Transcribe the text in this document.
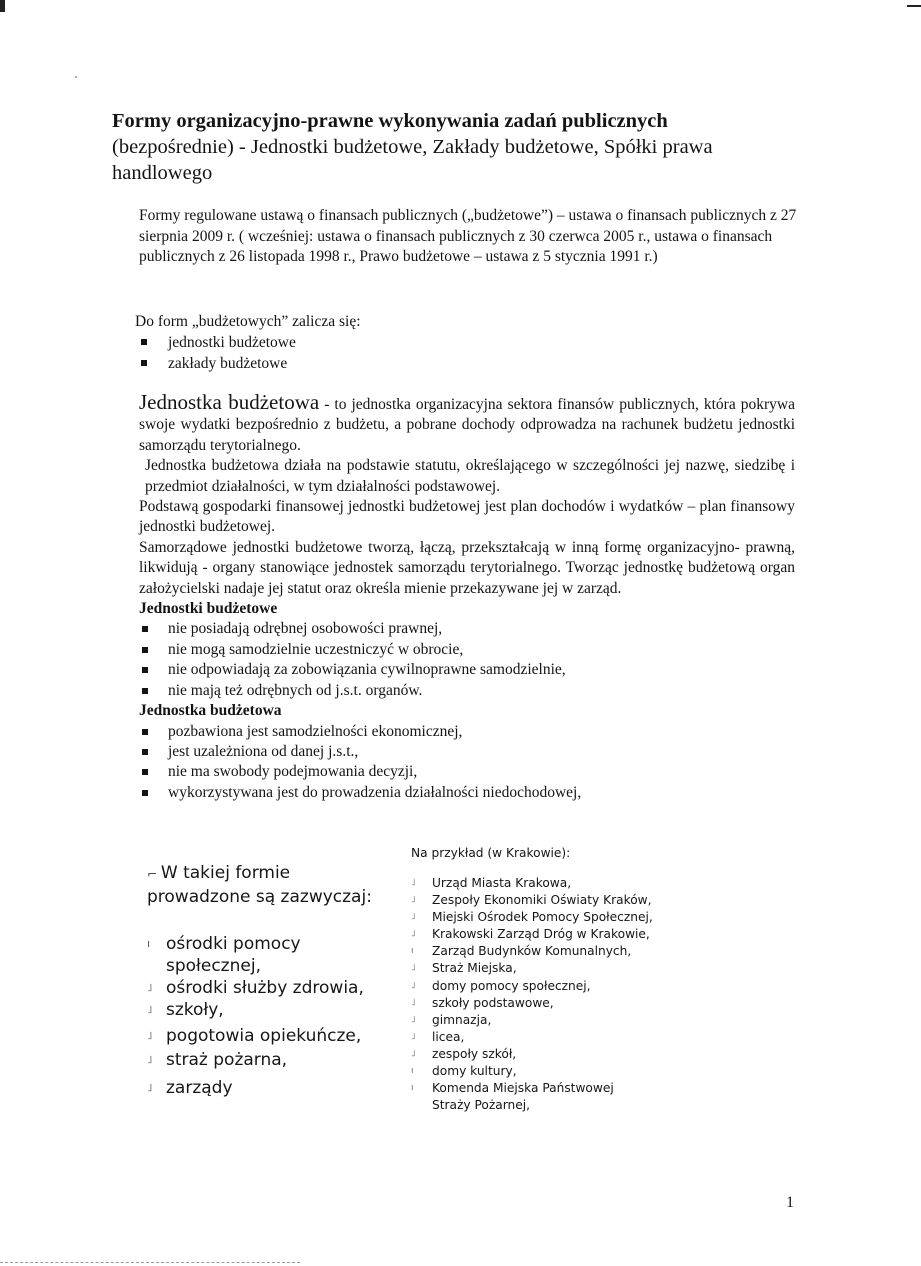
Formy organizacyjno-prawne wykonywania zadań publicznych
(bezpośrednie) - Jednostki budżetowe, Zakłady budżetowe, Spółki prawa handlowego
Formy regulowane ustawą o finansach publicznych („budżetowe”) – ustawa o finansach publicznych z 27 sierpnia 2009 r. ( wcześniej: ustawa o finansach publicznych z 30 czerwca 2005 r., ustawa o finansach publicznych z 26 listopada 1998 r., Prawo budżetowe – ustawa z 5 stycznia 1991 r.)
Do form „budżetowych” zalicza się:
jednostki budżetowe
zakłady budżetowe

Jednostka budżetowa - to jednostka organizacyjna sektora finansów publicznych, która pokrywa swoje wydatki bezpośrednio z budżetu, a pobrane dochody odprowadza na rachunek budżetu jednostki samorządu terytorialnego.

Jednostka budżetowa działa na podstawie statutu, określającego w szczególności jej nazwę, siedzibę i przedmiot działalności, w tym działalności podstawowej.

Podstawą gospodarki finansowej jednostki budżetowej jest plan dochodów i wydatków – plan finansowy jednostki budżetowej.

Samorządowe jednostki budżetowe tworzą, łączą, przekształcają w inną formę organizacyjno- prawną, likwidują - organy stanowiące jednostek samorządu terytorialnego. Tworząc jednostkę budżetową organ założycielski nadaje jej statut oraz określa mienie przekazywane jej w zarząd.

Jednostki budżetowe
nie posiadają odrębnej osobowości prawnej,
nie mogą samodzielnie uczestniczyć w obrocie,
nie odpowiadają za zobowiązania cywilnoprawne samodzielnie,
nie mają też odrębnych od j.s.t. organów.
Jednostka budżetowa
pozbawiona jest samodzielności ekonomicznej,
jest uzależniona od danej j.s.t.,
nie ma swobody podejmowania decyzji,
wykorzystywana jest do prowadzenia działalności niedochodowej,
⌐ W takiej formie
prowadzone są zazwyczaj:
ı ośrodki pomocy społecznej,
˩ ośrodki służby zdrowia,
˩ szkoły,
˩ pogotowia opiekuńcze,
˩ straż pożarna,
˩ zarządy
Na przykład (w Krakowie):
˩ Urząd Miasta Krakowa,
˩ Zespoły Ekonomiki Oświaty Kraków,
˩ Miejski Ośrodek Pomocy Społecznej,
˩ Krakowski Zarząd Dróg w Krakowie,
ı Zarząd Budynków Komunalnych,
˩ Straż Miejska,
˩ domy pomocy społecznej,
˩ szkoły podstawowe,
˩ gimnazja,
˩ licea,
˩ zespoły szkół,
ı domy kultury,
ı Komenda Miejska Państwowej Straży Pożarnej,
1
